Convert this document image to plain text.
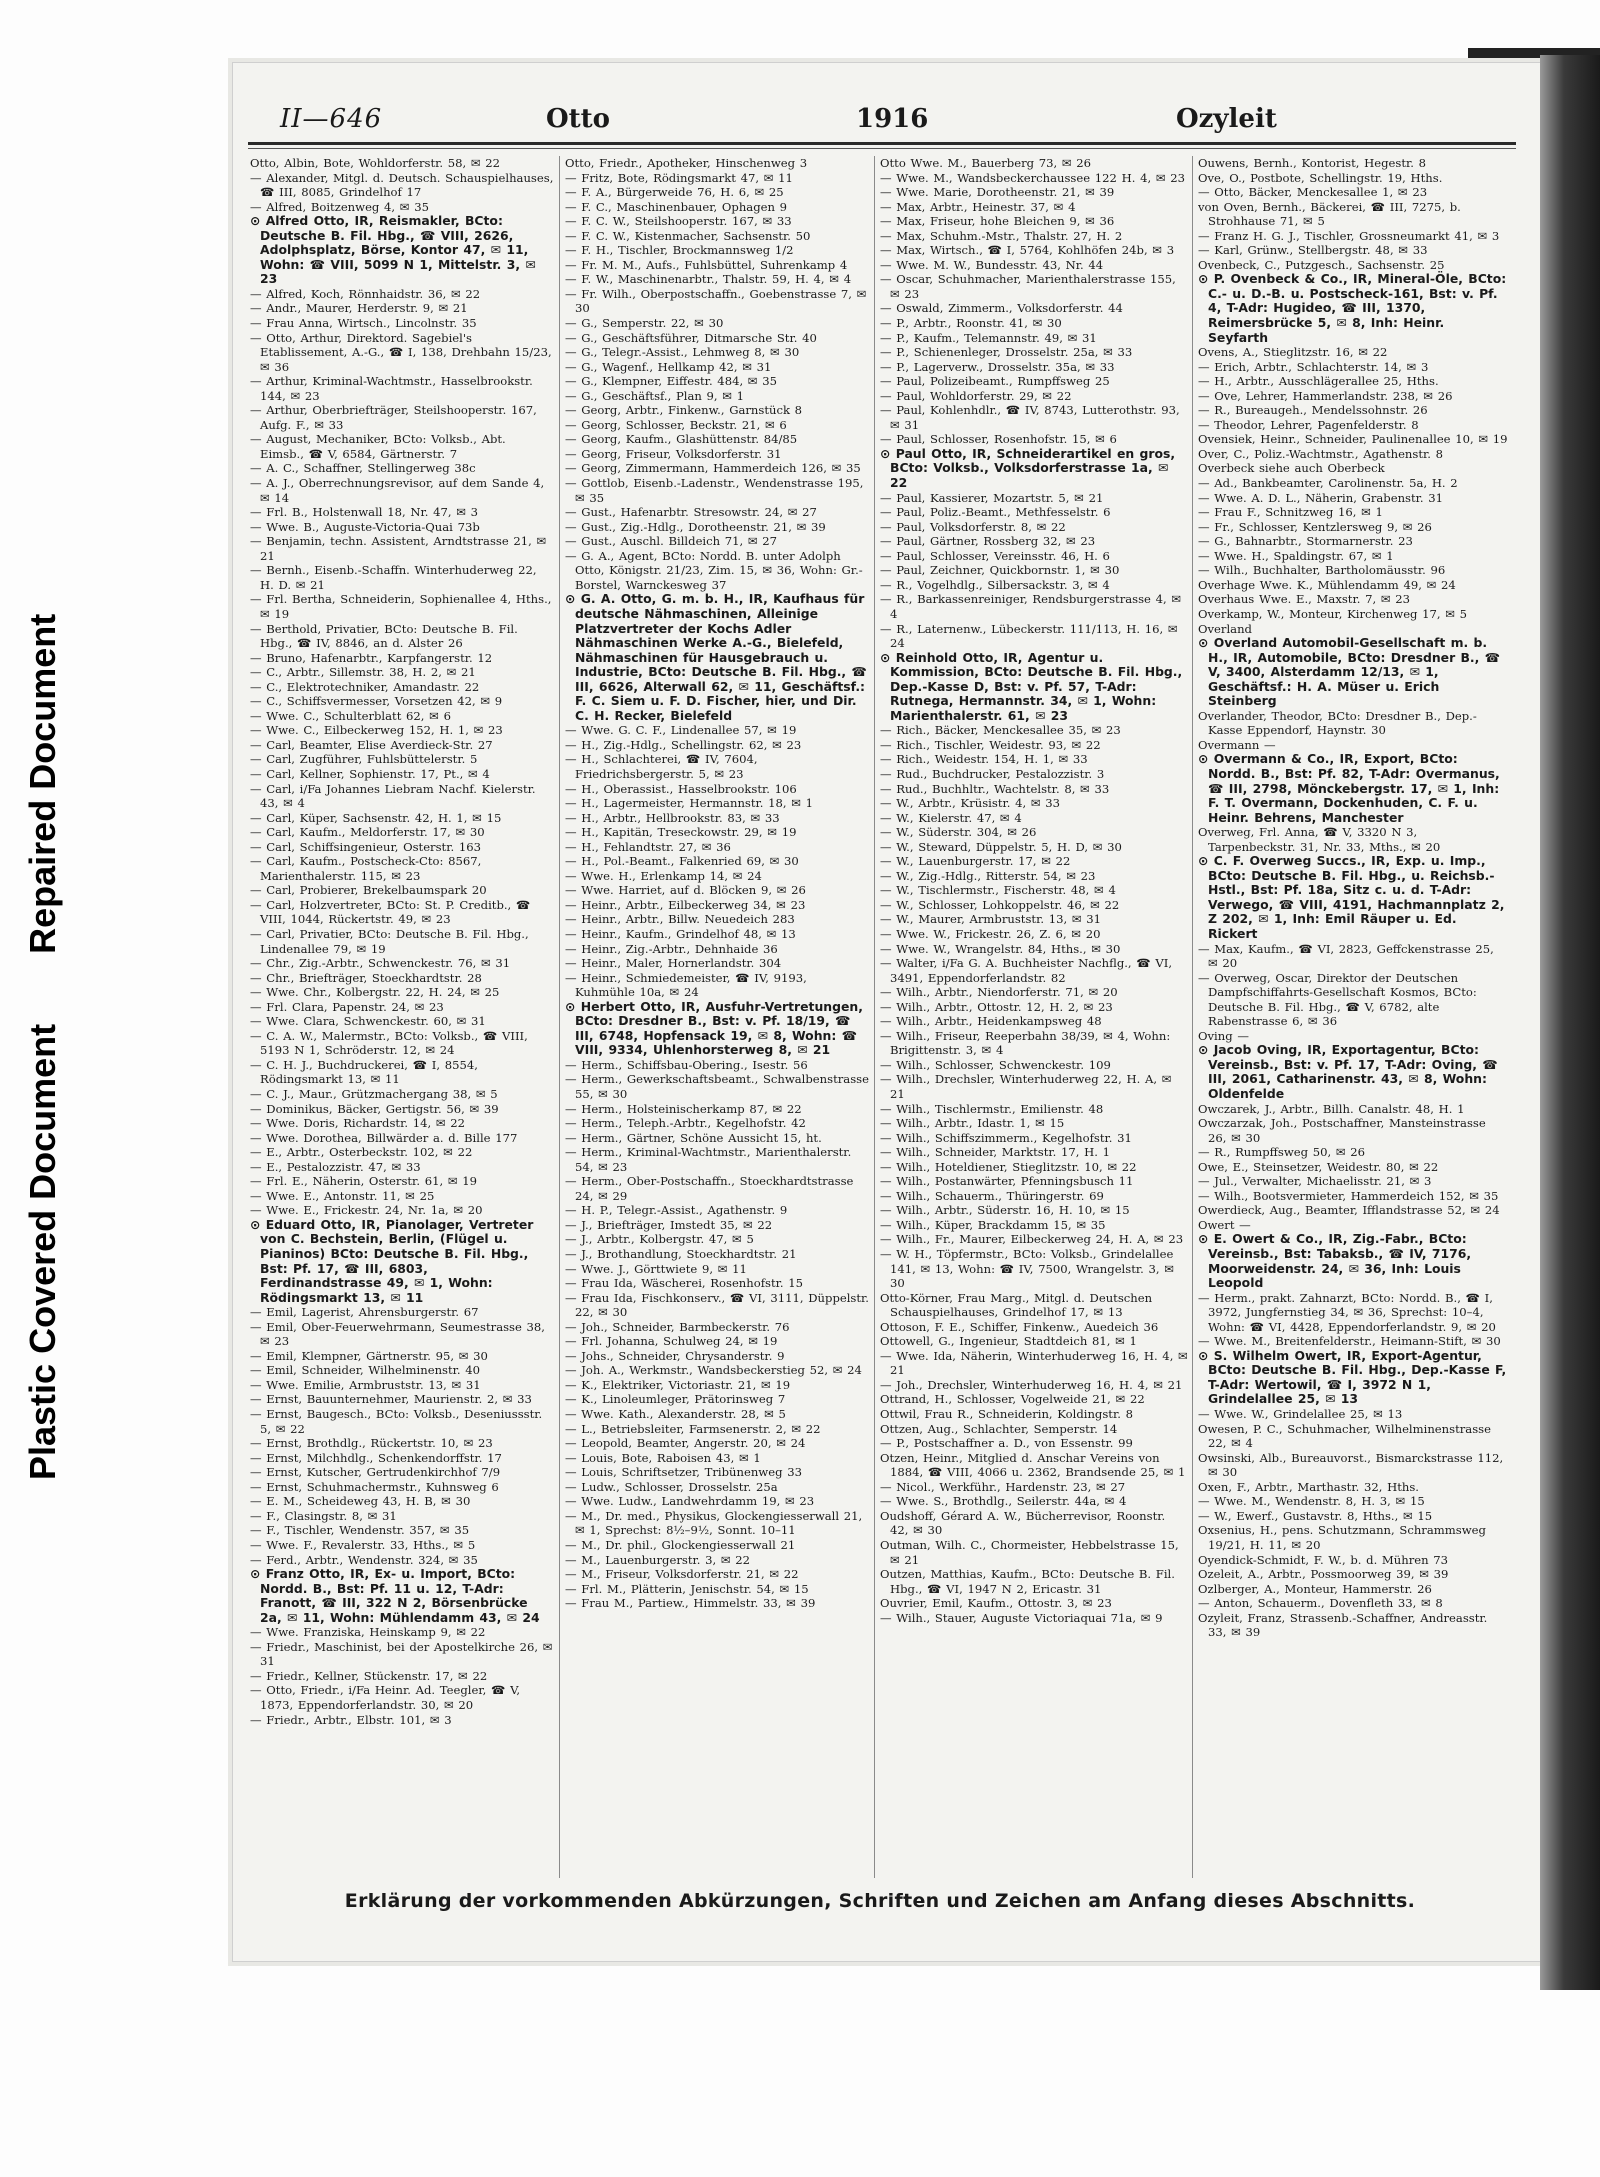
Plastic Covered DocumentRepaired Document
II—646	Otto	1916	Ozyleit

Otto, Albin, Bote, Wohldorferstr. 58, ✉ 22

— Alexander, Mitgl. d. Deutsch. Schauspielhauses, ☎ III, 8085, Grindelhof 17

— Alfred, Boitzenweg 4, ✉ 35

⊙ Alfred Otto, IR, Reismakler, BCto: Deutsche B. Fil. Hbg., ☎ VIII, 2626, Adolphsplatz, Börse, Kontor 47, ✉ 11, Wohn: ☎ VIII, 5099 N 1, Mittelstr. 3, ✉ 23

— Alfred, Koch, Rönnhaidstr. 36, ✉ 22

— Andr., Maurer, Herderstr. 9, ✉ 21

— Frau Anna, Wirtsch., Lincolnstr. 35

— Otto, Arthur, Direktord. Sagebiel's Etablissement, A.-G., ☎ I, 138, Drehbahn 15/23, ✉ 36

— Arthur, Kriminal-Wachtmstr., Hasselbrookstr. 144, ✉ 23

— Arthur, Oberbriefträger, Steilshooperstr. 167, Aufg. F., ✉ 33

— August, Mechaniker, BCto: Volksb., Abt. Eimsb., ☎ V, 6584, Gärtnerstr. 7

— A. C., Schaffner, Stellingerweg 38c

— A. J., Oberrechnungsrevisor, auf dem Sande 4, ✉ 14

— Frl. B., Holstenwall 18, Nr. 47, ✉ 3

— Wwe. B., Auguste-Victoria-Quai 73b

— Benjamin, techn. Assistent, Arndtstrasse 21, ✉ 21

— Bernh., Eisenb.-Schaffn. Winterhuderweg 22, H. D. ✉ 21

— Frl. Bertha, Schneiderin, Sophienallee 4, Hths., ✉ 19

— Berthold, Privatier, BCto: Deutsche B. Fil. Hbg., ☎ IV, 8846, an d. Alster 26

— Bruno, Hafenarbtr., Karpfangerstr. 12

— C., Arbtr., Sillemstr. 38, H. 2, ✉ 21

— C., Elektrotechniker, Amandastr. 22

— C., Schiffsvermesser, Vorsetzen 42, ✉ 9

— Wwe. C., Schulterblatt 62, ✉ 6

— Wwe. C., Eilbeckerweg 152, H. 1, ✉ 23

— Carl, Beamter, Elise Averdieck-Str. 27

— Carl, Zugführer, Fuhlsbüttelerstr. 5

— Carl, Kellner, Sophienstr. 17, Pt., ✉ 4

— Carl, i/Fa Johannes Liebram Nachf. Kielerstr. 43, ✉ 4

— Carl, Küper, Sachsenstr. 42, H. 1, ✉ 15

— Carl, Kaufm., Meldorferstr. 17, ✉ 30

— Carl, Schiffsingenieur, Osterstr. 163

— Carl, Kaufm., Postscheck-Cto: 8567, Marienthalerstr. 115, ✉ 23

— Carl, Probierer, Brekelbaumspark 20

— Carl, Holzvertreter, BCto: St. P. Creditb., ☎ VIII, 1044, Rückertstr. 49, ✉ 23

— Carl, Privatier, BCto: Deutsche B. Fil. Hbg., Lindenallee 79, ✉ 19

— Chr., Zig.-Arbtr., Schwenckestr. 76, ✉ 31

— Chr., Briefträger, Stoeckhardtstr. 28

— Wwe. Chr., Kolbergstr. 22, H. 24, ✉ 25

— Frl. Clara, Papenstr. 24, ✉ 23

— Wwe. Clara, Schwenckestr. 60, ✉ 31

— C. A. W., Malermstr., BCto: Volksb., ☎ VIII, 5193 N 1, Schröderstr. 12, ✉ 24

— C. H. J., Buchdruckerei, ☎ I, 8554, Rödingsmarkt 13, ✉ 11

— C. J., Maur., Grützmachergang 38, ✉ 5

— Dominikus, Bäcker, Gertigstr. 56, ✉ 39

— Wwe. Doris, Richardstr. 14, ✉ 22

— Wwe. Dorothea, Billwärder a. d. Bille 177

— E., Arbtr., Osterbeckstr. 102, ✉ 22

— E., Pestalozzistr. 47, ✉ 33

— Frl. E., Näherin, Osterstr. 61, ✉ 19

— Wwe. E., Antonstr. 11, ✉ 25

— Wwe. E., Frickestr. 24, Nr. 1a, ✉ 20

⊙ Eduard Otto, IR, Pianolager, Vertreter von C. Bechstein, Berlin, (Flügel u. Pianinos) BCto: Deutsche B. Fil. Hbg., Bst: Pf. 17, ☎ III, 6803, Ferdinandstrasse 49, ✉ 1, Wohn: Rödingsmarkt 13, ✉ 11

— Emil, Lagerist, Ahrensburgerstr. 67

— Emil, Ober-Feuerwehrmann, Seumestrasse 38, ✉ 23

— Emil, Klempner, Gärtnerstr. 95, ✉ 30

— Emil, Schneider, Wilhelminenstr. 40

— Wwe. Emilie, Armbruststr. 13, ✉ 31

— Ernst, Bauunternehmer, Maurienstr. 2, ✉ 33

— Ernst, Baugesch., BCto: Volksb., Deseniussstr. 5, ✉ 22

— Ernst, Brothdlg., Rückertstr. 10, ✉ 23

— Ernst, Milchhdlg., Schenkendorffstr. 17

— Ernst, Kutscher, Gertrudenkirchhof 7/9

— Ernst, Schuhmachermstr., Kuhnsweg 6

— E. M., Scheideweg 43, H. B, ✉ 30

— F., Clasingstr. 8, ✉ 31

— F., Tischler, Wendenstr. 357, ✉ 35

— Wwe. F., Revalerstr. 33, Hths., ✉ 5

— Ferd., Arbtr., Wendenstr. 324, ✉ 35

⊙ Franz Otto, IR, Ex- u. Import, BCto: Nordd. B., Bst: Pf. 11 u. 12, T-Adr: Franott, ☎ III, 322 N 2, Börsenbrücke 2a, ✉ 11, Wohn: Mühlendamm 43, ✉ 24

— Wwe. Franziska, Heinskamp 9, ✉ 22

— Friedr., Maschinist, bei der Apostelkirche 26, ✉ 31

— Friedr., Kellner, Stückenstr. 17, ✉ 22

— Otto, Friedr., i/Fa Heinr. Ad. Teegler, ☎ V, 1873, Eppendorferlandstr. 30, ✉ 20

— Friedr., Arbtr., Elbstr. 101, ✉ 3

Otto, Friedr., Apotheker, Hinschenweg 3

— Fritz, Bote, Rödingsmarkt 47, ✉ 11

— F. A., Bürgerweide 76, H. 6, ✉ 25

— F. C., Maschinenbauer, Ophagen 9

— F. C. W., Steilshooperstr. 167, ✉ 33

— F. C. W., Kistenmacher, Sachsenstr. 50

— F. H., Tischler, Brockmannsweg 1/2

— Fr. M. M., Aufs., Fuhlsbüttel, Suhrenkamp 4

— F. W., Maschinenarbtr., Thalstr. 59, H. 4, ✉ 4

— Fr. Wilh., Oberpostschaffn., Goebenstrasse 7, ✉ 30

— G., Semperstr. 22, ✉ 30

— G., Geschäftsführer, Ditmarsche Str. 40

— G., Telegr.-Assist., Lehmweg 8, ✉ 30

— G., Wagenf., Hellkamp 42, ✉ 31

— G., Klempner, Eiffestr. 484, ✉ 35

— G., Geschäftsf., Plan 9, ✉ 1

— Georg, Arbtr., Finkenw., Garnstück 8

— Georg, Schlosser, Beckstr. 21, ✉ 6

— Georg, Kaufm., Glashüttenstr. 84/85

— Georg, Friseur, Volksdorferstr. 31

— Georg, Zimmermann, Hammerdeich 126, ✉ 35

— Gottlob, Eisenb.-Ladenstr., Wendenstrasse 195, ✉ 35

— Gust., Hafenarbtr. Stresowstr. 24, ✉ 27

— Gust., Zig.-Hdlg., Dorotheenstr. 21, ✉ 39

— Gust., Auschl. Billdeich 71, ✉ 27

— G. A., Agent, BCto: Nordd. B. unter Adolph Otto, Königstr. 21/23, Zim. 15, ✉ 36, Wohn: Gr.-Borstel, Warnckesweg 37

⊙ G. A. Otto, G. m. b. H., IR, Kaufhaus für deutsche Nähmaschinen, Alleinige Platzvertreter der Kochs Adler Nähmaschinen Werke A.-G., Bielefeld, Nähmaschinen für Hausgebrauch u. Industrie, BCto: Deutsche B. Fil. Hbg., ☎ III, 6626, Alterwall 62, ✉ 11, Geschäftsf.: F. C. Siem u. F. D. Fischer, hier, und Dir. C. H. Recker, Bielefeld

— Wwe. G. C. F., Lindenallee 57, ✉ 19

— H., Zig.-Hdlg., Schellingstr. 62, ✉ 23

— H., Schlachterei, ☎ IV, 7604, Friedrichsbergerstr. 5, ✉ 23

— H., Oberassist., Hasselbrookstr. 106

— H., Lagermeister, Hermannstr. 18, ✉ 1

— H., Arbtr., Hellbrookstr. 83, ✉ 33

— H., Kapitän, Treseckowstr. 29, ✉ 19

— H., Fehlandtstr. 27, ✉ 36

— H., Pol.-Beamt., Falkenried 69, ✉ 30

— Wwe. H., Erlenkamp 14, ✉ 24

— Wwe. Harriet, auf d. Blöcken 9, ✉ 26

— Heinr., Arbtr., Eilbeckerweg 34, ✉ 23

— Heinr., Arbtr., Billw. Neuedeich 283

— Heinr., Kaufm., Grindelhof 48, ✉ 13

— Heinr., Zig.-Arbtr., Dehnhaide 36

— Heinr., Maler, Hornerlandstr. 304

— Heinr., Schmiedemeister, ☎ IV, 9193, Kuhmühle 10a, ✉ 24

⊙ Herbert Otto, IR, Ausfuhr-Vertretungen, BCto: Dresdner B., Bst: v. Pf. 18/19, ☎ III, 6748, Hopfensack 19, ✉ 8, Wohn: ☎ VIII, 9334, Uhlenhorsterweg 8, ✉ 21

— Herm., Schiffsbau-Obering., Isestr. 56

— Herm., Gewerkschaftsbeamt., Schwalbenstrasse 55, ✉ 30

— Herm., Holsteinischerkamp 87, ✉ 22

— Herm., Teleph.-Arbtr., Kegelhofstr. 42

— Herm., Gärtner, Schöne Aussicht 15, ht.

— Herm., Kriminal-Wachtmstr., Marienthalerstr. 54, ✉ 23

— Herm., Ober-Postschaffn., Stoeckhardtstrasse 24, ✉ 29

— H. P., Telegr.-Assist., Agathenstr. 9

— J., Briefträger, Imstedt 35, ✉ 22

— J., Arbtr., Kolbergstr. 47, ✉ 5

— J., Brothandlung, Stoeckhardtstr. 21

— Wwe. J., Görttwiete 9, ✉ 11

— Frau Ida, Wäscherei, Rosenhofstr. 15

— Frau Ida, Fischkonserv., ☎ VI, 3111, Düppelstr. 22, ✉ 30

— Joh., Schneider, Barmbeckerstr. 76

— Frl. Johanna, Schulweg 24, ✉ 19

— Johs., Schneider, Chrysanderstr. 9

— Joh. A., Werkmstr., Wandsbeckerstieg 52, ✉ 24

— K., Elektriker, Victoriastr. 21, ✉ 19

— K., Linoleumleger, Prätorinsweg 7

— Wwe. Kath., Alexanderstr. 28, ✉ 5

— L., Betriebsleiter, Farmsenerstr. 2, ✉ 22

— Leopold, Beamter, Angerstr. 20, ✉ 24

— Louis, Bote, Raboisen 43, ✉ 1

— Louis, Schriftsetzer, Tribünenweg 33

— Ludw., Schlosser, Drosselstr. 25a

— Wwe. Ludw., Landwehrdamm 19, ✉ 23

— M., Dr. med., Physikus, Glockengiesserwall 21, ✉ 1, Sprechst: 8½–9½, Sonnt. 10–11

— M., Dr. phil., Glockengiesserwall 21

— M., Lauenburgerstr. 3, ✉ 22

— M., Friseur, Volksdorferstr. 21, ✉ 22

— Frl. M., Plätterin, Jenischstr. 54, ✉ 15

— Frau M., Partiew., Himmelstr. 33, ✉ 39

Otto Wwe. M., Bauerberg 73, ✉ 26

— Wwe. M., Wandsbeckerchaussee 122 H. 4, ✉ 23

— Wwe. Marie, Dorotheenstr. 21, ✉ 39

— Max, Arbtr., Heinestr. 37, ✉ 4

— Max, Friseur, hohe Bleichen 9, ✉ 36

— Max, Schuhm.-Mstr., Thalstr. 27, H. 2

— Max, Wirtsch., ☎ I, 5764, Kohlhöfen 24b, ✉ 3

— Wwe. M. W., Bundesstr. 43, Nr. 44

— Oscar, Schuhmacher, Marienthalerstrasse 155, ✉ 23

— Oswald, Zimmerm., Volksdorferstr. 44

— P., Arbtr., Roonstr. 41, ✉ 30

— P., Kaufm., Telemannstr. 49, ✉ 31

— P., Schienenleger, Drosselstr. 25a, ✉ 33

— P., Lagerverw., Drosselstr. 35a, ✉ 33

— Paul, Polizeibeamt., Rumpffsweg 25

— Paul, Wohldorferstr. 29, ✉ 22

— Paul, Kohlenhdlr., ☎ IV, 8743, Lutterothstr. 93, ✉ 31

— Paul, Schlosser, Rosenhofstr. 15, ✉ 6

⊙ Paul Otto, IR, Schneiderartikel en gros, BCto: Volksb., Volksdorferstrasse 1a, ✉ 22

— Paul, Kassierer, Mozartstr. 5, ✉ 21

— Paul, Poliz.-Beamt., Methfesselstr. 6

— Paul, Volksdorferstr. 8, ✉ 22

— Paul, Gärtner, Rossberg 32, ✉ 23

— Paul, Schlosser, Vereinsstr. 46, H. 6

— Paul, Zeichner, Quickbornstr. 1, ✉ 30

— R., Vogelhdlg., Silbersackstr. 3, ✉ 4

— R., Barkassenreiniger, Rendsburgerstrasse 4, ✉ 4

— R., Laternenw., Lübeckerstr. 111/113, H. 16, ✉ 24

⊙ Reinhold Otto, IR, Agentur u. Kommission, BCto: Deutsche B. Fil. Hbg., Dep.-Kasse D, Bst: v. Pf. 57, T-Adr: Rutnega, Hermannstr. 34, ✉ 1, Wohn: Marienthalerstr. 61, ✉ 23

— Rich., Bäcker, Menckesallee 35, ✉ 23

— Rich., Tischler, Weidestr. 93, ✉ 22

— Rich., Weidestr. 154, H. 1, ✉ 33

— Rud., Buchdrucker, Pestalozzistr. 3

— Rud., Buchhltr., Wachtelstr. 8, ✉ 33

— W., Arbtr., Krüsistr. 4, ✉ 33

— W., Kielerstr. 47, ✉ 4

— W., Süderstr. 304, ✉ 26

— W., Steward, Düppelstr. 5, H. D, ✉ 30

— W., Lauenburgerstr. 17, ✉ 22

— W., Zig.-Hdlg., Ritterstr. 54, ✉ 23

— W., Tischlermstr., Fischerstr. 48, ✉ 4

— W., Schlosser, Lohkoppelstr. 46, ✉ 22

— W., Maurer, Armbruststr. 13, ✉ 31

— Wwe. W., Frickestr. 26, Z. 6, ✉ 20

— Wwe. W., Wrangelstr. 84, Hths., ✉ 30

— Walter, i/Fa G. A. Buchheister Nachflg., ☎ VI, 3491, Eppendorferlandstr. 82

— Wilh., Arbtr., Niendorferstr. 71, ✉ 20

— Wilh., Arbtr., Ottostr. 12, H. 2, ✉ 23

— Wilh., Arbtr., Heidenkampsweg 48

— Wilh., Friseur, Reeperbahn 38/39, ✉ 4, Wohn: Brigittenstr. 3, ✉ 4

— Wilh., Schlosser, Schwenckestr. 109

— Wilh., Drechsler, Winterhuderweg 22, H. A, ✉ 21

— Wilh., Tischlermstr., Emilienstr. 48

— Wilh., Arbtr., Idastr. 1, ✉ 15

— Wilh., Schiffszimmerm., Kegelhofstr. 31

— Wilh., Schneider, Marktstr. 17, H. 1

— Wilh., Hoteldiener, Stieglitzstr. 10, ✉ 22

— Wilh., Postanwärter, Pfenningsbusch 11

— Wilh., Schauerm., Thüringerstr. 69

— Wilh., Arbtr., Süderstr. 16, H. 10, ✉ 15

— Wilh., Küper, Brackdamm 15, ✉ 35

— Wilh., Fr., Maurer, Eilbeckerweg 24, H. A, ✉ 23

— W. H., Töpfermstr., BCto: Volksb., Grindelallee 141, ✉ 13, Wohn: ☎ IV, 7500, Wrangelstr. 3, ✉ 30

Otto-Körner, Frau Marg., Mitgl. d. Deutschen Schauspielhauses, Grindelhof 17, ✉ 13

Ottoson, F. E., Schiffer, Finkenw., Auedeich 36

Ottowell, G., Ingenieur, Stadtdeich 81, ✉ 1

— Wwe. Ida, Näherin, Winterhuderweg 16, H. 4, ✉ 21

— Joh., Drechsler, Winterhuderweg 16, H. 4, ✉ 21

Ottrand, H., Schlosser, Vogelweide 21, ✉ 22

Ottwil, Frau R., Schneiderin, Koldingstr. 8

Ottzen, Aug., Schlachter, Semperstr. 14

— P., Postschaffner a. D., von Essenstr. 99

Otzen, Heinr., Mitglied d. Anschar Vereins von 1884, ☎ VIII, 4066 u. 2362, Brandsende 25, ✉ 1

— Nicol., Werkführ., Hardenstr. 23, ✉ 27

— Wwe. S., Brothdlg., Seilerstr. 44a, ✉ 4

Oudshoff, Gérard A. W., Bücherrevisor, Roonstr. 42, ✉ 30

Outman, Wilh. C., Chormeister, Hebbelstrasse 15, ✉ 21

Outzen, Matthias, Kaufm., BCto: Deutsche B. Fil. Hbg., ☎ VI, 1947 N 2, Ericastr. 31

Ouvrier, Emil, Kaufm., Ottostr. 3, ✉ 23

— Wilh., Stauer, Auguste Victoriaquai 71a, ✉ 9

Ouwens, Bernh., Kontorist, Hegestr. 8

Ove, O., Postbote, Schellingstr. 19, Hths.

— Otto, Bäcker, Menckesallee 1, ✉ 23

von Oven, Bernh., Bäckerei, ☎ III, 7275, b. Strohhause 71, ✉ 5

— Franz H. G. J., Tischler, Grossneumarkt 41, ✉ 3

— Karl, Grünw., Stellbergstr. 48, ✉ 33

Ovenbeck, C., Putzgesch., Sachsenstr. 25

⊙ P. Ovenbeck & Co., IR, Mineral-Öle, BCto: C.- u. D.-B. u. Postscheck-161, Bst: v. Pf. 4, T-Adr: Hugideo, ☎ III, 1370, Reimersbrücke 5, ✉ 8, Inh: Heinr. Seyfarth

Ovens, A., Stieglitzstr. 16, ✉ 22

— Erich, Arbtr., Schlachterstr. 14, ✉ 3

— H., Arbtr., Ausschlägerallee 25, Hths.

— Ove, Lehrer, Hammerlandstr. 238, ✉ 26

— R., Bureaugeh., Mendelssohnstr. 26

— Theodor, Lehrer, Pagenfelderstr. 8

Ovensiek, Heinr., Schneider, Paulinenallee 10, ✉ 19

Over, C., Poliz.-Wachtmstr., Agathenstr. 8

Overbeck siehe auch Oberbeck

— Ad., Bankbeamter, Carolinenstr. 5a, H. 2

— Wwe. A. D. L., Näherin, Grabenstr. 31

— Frau F., Schnitzweg 16, ✉ 1

— Fr., Schlosser, Kentzlersweg 9, ✉ 26

— G., Bahnarbtr., Stormarnerstr. 23

— Wwe. H., Spaldingstr. 67, ✉ 1

— Wilh., Buchhalter, Bartholomäusstr. 96

Overhage Wwe. K., Mühlendamm 49, ✉ 24

Overhaus Wwe. E., Maxstr. 7, ✉ 23

Overkamp, W., Monteur, Kirchenweg 17, ✉ 5

Overland

⊙ Overland Automobil-Gesellschaft m. b. H., IR, Automobile, BCto: Dresdner B., ☎ V, 3400, Alsterdamm 12/13, ✉ 1, Geschäftsf.: H. A. Müser u. Erich Steinberg

Overlander, Theodor, BCto: Dresdner B., Dep.-Kasse Eppendorf, Haynstr. 30

Overmann —

⊙ Overmann & Co., IR, Export, BCto: Nordd. B., Bst: Pf. 82, T-Adr: Overmanus, ☎ III, 2798, Mönckebergstr. 17, ✉ 1, Inh: F. T. Overmann, Dockenhuden, C. F. u. Heinr. Behrens, Manchester

Overweg, Frl. Anna, ☎ V, 3320 N 3, Tarpenbeckstr. 31, Nr. 33, Mths., ✉ 20

⊙ C. F. Overweg Succs., IR, Exp. u. Imp., BCto: Deutsche B. Fil. Hbg., u. Reichsb.-Hstl., Bst: Pf. 18a, Sitz c. u. d. T-Adr: Verwego, ☎ VIII, 4191, Hachmannplatz 2, Z 202, ✉ 1, Inh: Emil Räuper u. Ed. Rickert

— Max, Kaufm., ☎ VI, 2823, Geffckenstrasse 25, ✉ 20

— Overweg, Oscar, Direktor der Deutschen Dampfschiffahrts-Gesellschaft Kosmos, BCto: Deutsche B. Fil. Hbg., ☎ V, 6782, alte Rabenstrasse 6, ✉ 36

Oving —

⊙ Jacob Oving, IR, Exportagentur, BCto: Vereinsb., Bst: v. Pf. 17, T-Adr: Oving, ☎ III, 2061, Catharinenstr. 43, ✉ 8, Wohn: Oldenfelde

Owczarek, J., Arbtr., Billh. Canalstr. 48, H. 1

Owczarzak, Joh., Postschaffner, Mansteinstrasse 26, ✉ 30

— R., Rumpffsweg 50, ✉ 26

Owe, E., Steinsetzer, Weidestr. 80, ✉ 22

— Jul., Verwalter, Michaelisstr. 21, ✉ 3

— Wilh., Bootsvermieter, Hammerdeich 152, ✉ 35

Owerdieck, Aug., Beamter, Ifflandstrasse 52, ✉ 24

Owert —

⊙ E. Owert & Co., IR, Zig.-Fabr., BCto: Vereinsb., Bst: Tabaksb., ☎ IV, 7176, Moorweidenstr. 24, ✉ 36, Inh: Louis Leopold

— Herm., prakt. Zahnarzt, BCto: Nordd. B., ☎ I, 3972, Jungfernstieg 34, ✉ 36, Sprechst: 10–4, Wohn: ☎ VI, 4428, Eppendorferlandstr. 9, ✉ 20

— Wwe. M., Breitenfelderstr., Heimann-Stift, ✉ 30

⊙ S. Wilhelm Owert, IR, Export-Agentur, BCto: Deutsche B. Fil. Hbg., Dep.-Kasse F, T-Adr: Wertowil, ☎ I, 3972 N 1, Grindelallee 25, ✉ 13

— Wwe. W., Grindelallee 25, ✉ 13

Owesen, P. C., Schuhmacher, Wilhelminenstrasse 22, ✉ 4

Owsinski, Alb., Bureauvorst., Bismarckstrasse 112, ✉ 30

Oxen, F., Arbtr., Marthastr. 32, Hths.

— Wwe. M., Wendenstr. 8, H. 3, ✉ 15

— W., Ewerf., Gustavstr. 8, Hths., ✉ 15

Oxsenius, H., pens. Schutzmann, Schrammsweg 19/21, H. 11, ✉ 20

Oyendick-Schmidt, F. W., b. d. Mühren 73

Ozeleit, A., Arbtr., Possmoorweg 39, ✉ 39

Ozlberger, A., Monteur, Hammerstr. 26

— Anton, Schauerm., Dovenfleth 33, ✉ 8

Ozyleit, Franz, Strassenb.-Schaffner, Andreasstr. 33, ✉ 39

Erklärung der vorkommenden Abkürzungen, Schriften und Zeichen am Anfang dieses Abschnitts.
